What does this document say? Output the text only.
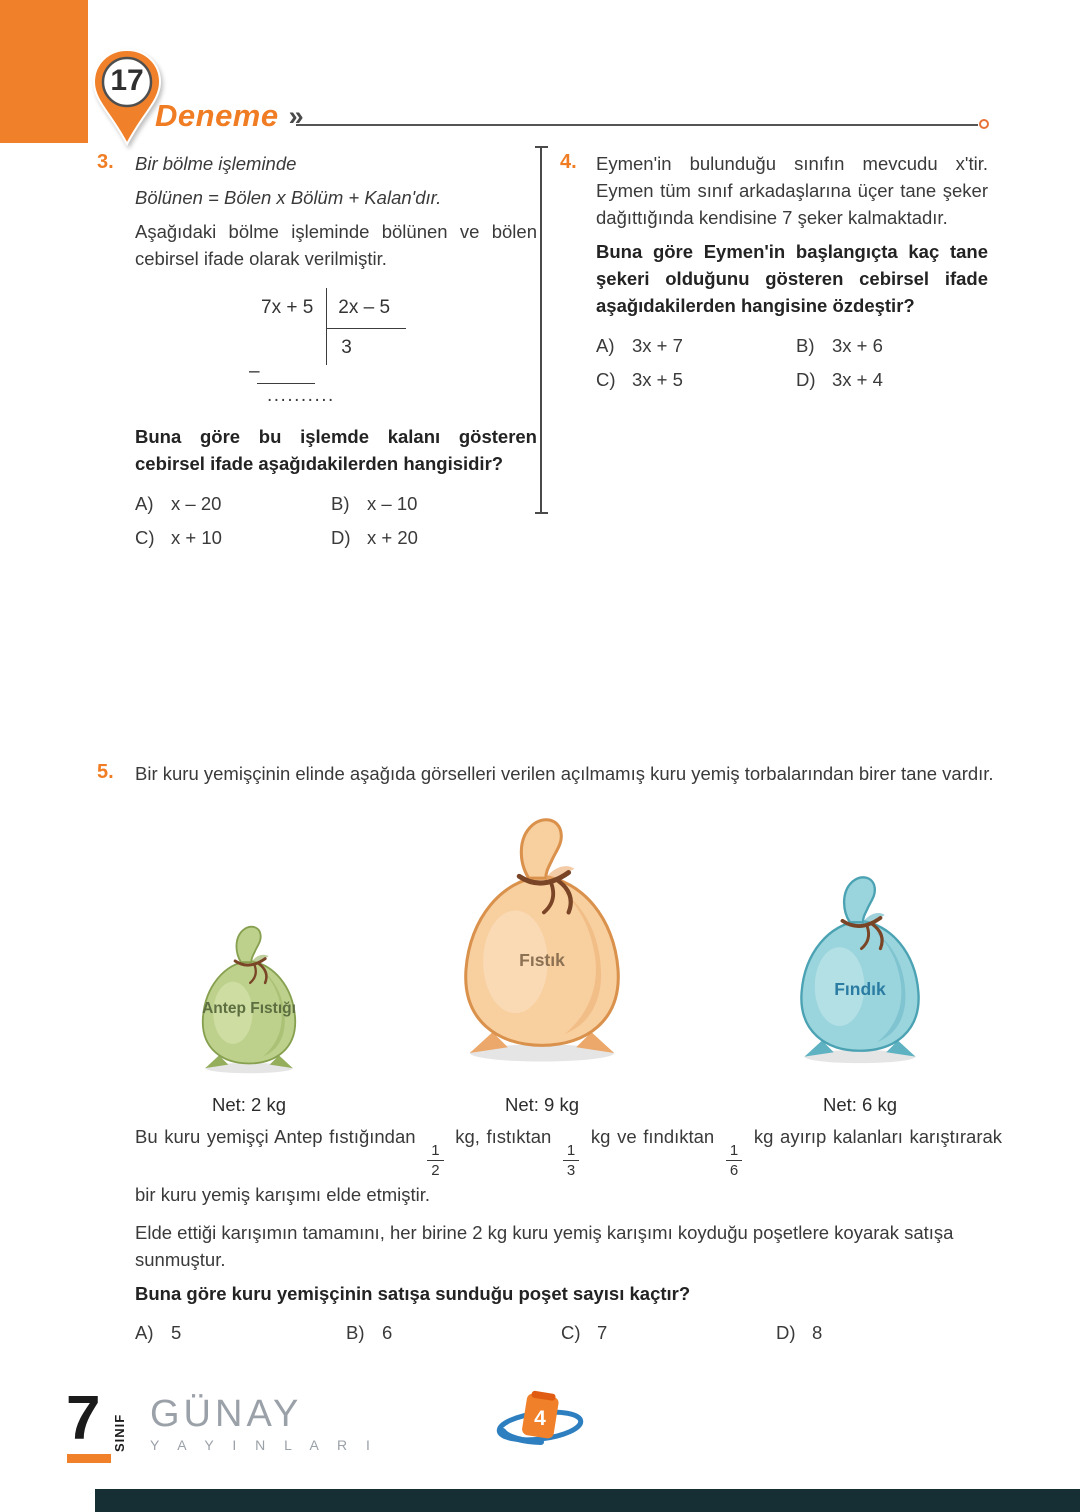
17
Deneme »
3. Bir bölme işleminde

Bölünen = Bölen x Bölüm + Kalan'dır.

Aşağıdaki bölme işleminde bölünen ve bölen cebirsel ifade olarak verilmiştir.

7x + 5	2x – 5
3
–
..........

Buna göre bu işlemde kalanı gösteren cebirsel ifade aşağıdakilerden hangisidir?

A) x – 20	B) x – 10
C) x + 10	D) x + 20
4. Eymen'in bulunduğu sınıfın mevcudu x'tir. Eymen tüm sınıf arkadaşlarına üçer tane şeker dağıttığında kendisine 7 şeker kalmaktadır.

Buna göre Eymen'in başlangıçta kaç tane şekeri olduğunu gösteren cebirsel ifade aşağıdakilerden hangisine özdeştir?

A) 3x + 7	B) 3x + 6
C) 3x + 5	D) 3x + 4
5. Bir kuru yemişçinin elinde aşağıda görselleri verilen açılmamış kuru yemiş torbalarından birer tane vardır.

Antep Fıstığı
Fıstık
Fındık
Net: 2 kg	Net: 9 kg	Net: 6 kg

Bu kuru yemişçi Antep fıstığından
$\frac{1}{2}$
kg, fıstıktan
$\frac{1}{3}$
kg ve fındıktan
$\frac{1}{6}$
kg ayırıp kalanları karıştırarak bir kuru yemiş karışımı elde etmiştir.

Elde ettiği karışımın tamamını, her birine 2 kg kuru yemiş karışımı koyduğu poşetlere koyarak satışa sunmuştur.

Buna göre kuru yemişçinin satışa sunduğu poşet sayısı kaçtır?

A) 5	B) 6	C) 7	D) 8
7 SINIF GÜNAY
Y A Y I N L A R I
4
